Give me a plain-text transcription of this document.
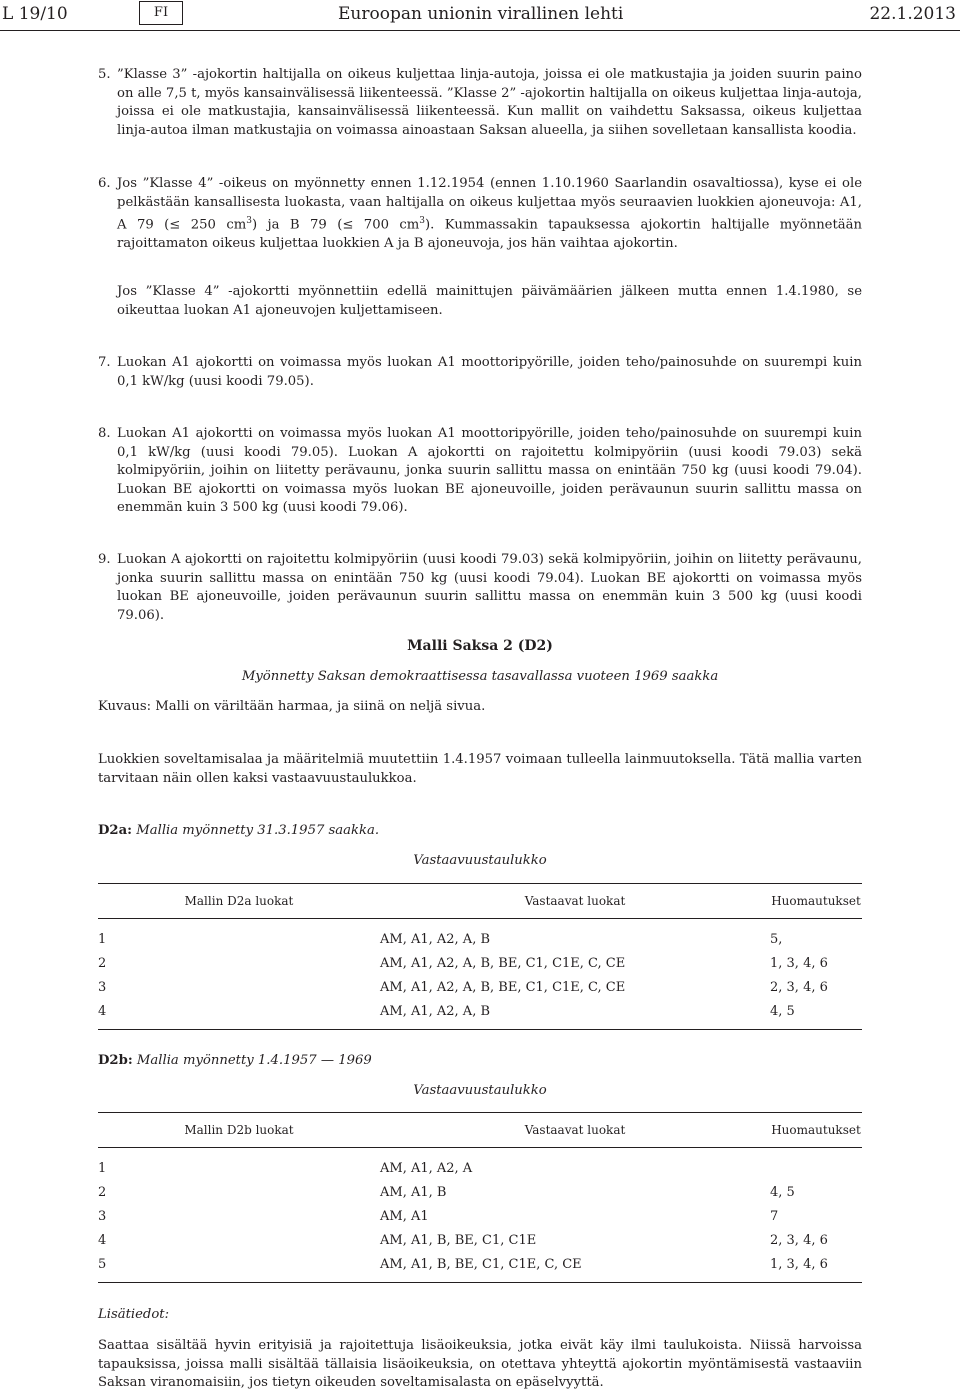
L 19/10	FI	Euroopan unionin virallinen lehti	22.1.2013
5. ”Klasse 3” -ajokortin haltijalla on oikeus kuljettaa linja-autoja, joissa ei ole matkustajia ja joiden suurin paino on alle 7,5 t, myös kansainvälisessä liikenteessä. ”Klasse 2” -ajokortin haltijalla on oikeus kuljettaa linja-autoja, joissa ei ole matkustajia, kansainvälisessä liikenteessä. Kun mallit on vaihdettu Saksassa, oikeus kuljettaa linja-autoa ilman matkustajia on voimassa ainoastaan Saksan alueella, ja siihen sovelletaan kansallista koodia.

6. Jos ”Klasse 4” -oikeus on myönnetty ennen 1.12.1954 (ennen 1.10.1960 Saarlandin osavaltiossa), kyse ei ole pelkästään kansallisesta luokasta, vaan haltijalla on oikeus kuljettaa myös seuraavien luokkien ajoneuvoja: A1, A 79 (≤ 250 $cm^3$) ja B 79 (≤ 700 $cm^3$). Kummassakin tapauksessa ajokortin haltijalle myönnetään rajoittamaton oikeus kuljettaa luokkien A ja B ajoneuvoja, jos hän vaihtaa ajokortin.

Jos ”Klasse 4” -ajokortti myönnettiin edellä mainittujen päivämäärien jälkeen mutta ennen 1.4.1980, se oikeuttaa luokan A1 ajoneuvojen kuljettamiseen.

7. Luokan A1 ajokortti on voimassa myös luokan A1 moottoripyörille, joiden teho/painosuhde on suurempi kuin 0,1 kW/kg (uusi koodi 79.05).

8. Luokan A1 ajokortti on voimassa myös luokan A1 moottoripyörille, joiden teho/painosuhde on suurempi kuin 0,1 kW/kg (uusi koodi 79.05). Luokan A ajokortti on rajoitettu kolmipyöriin (uusi koodi 79.03) sekä kolmipyöriin, joihin on liitetty perävaunu, jonka suurin sallittu massa on enintään 750 kg (uusi koodi 79.04). Luokan BE ajokortti on voimassa myös luokan BE ajoneuvoille, joiden perävaunun suurin sallittu massa on enemmän kuin 3 500 kg (uusi koodi 79.06).

9. Luokan A ajokortti on rajoitettu kolmipyöriin (uusi koodi 79.03) sekä kolmipyöriin, joihin on liitetty perävaunu, jonka suurin sallittu massa on enintään 750 kg (uusi koodi 79.04). Luokan BE ajokortti on voimassa myös luokan BE ajoneuvoille, joiden perävaunun suurin sallittu massa on enemmän kuin 3 500 kg (uusi koodi 79.06).

Malli Saksa 2 (D2)
Myönnetty Saksan demokraattisessa tasavallassa vuoteen 1969 saakka

Kuvaus: Malli on väriltään harmaa, ja siinä on neljä sivua.

Luokkien soveltamisalaa ja määritelmiä muutettiin 1.4.1957 voimaan tulleella lainmuutoksella. Tätä mallia varten tarvitaan näin ollen kaksi vastaavuustaulukkoa.

D2a: Mallia myönnetty 31.3.1957 saakka.

Vastaavuustaulukko
Mallin D2a luokat	Vastaavat luokat	Huomautukset
1	AM, A1, A2, A, B	5,
2	AM, A1, A2, A, B, BE, C1, C1E, C, CE	1, 3, 4, 6
3	AM, A1, A2, A, B, BE, C1, C1E, C, CE	2, 3, 4, 6
4	AM, A1, A2, A, B	4, 5

D2b: Mallia myönnetty 1.4.1957 — 1969

Vastaavuustaulukko
Mallin D2b luokat	Vastaavat luokat	Huomautukset
1	AM, A1, A2, A	
2	AM, A1, B	4, 5
3	AM, A1	7
4	AM, A1, B, BE, C1, C1E	2, 3, 4, 6
5	AM, A1, B, BE, C1, C1E, C, CE	1, 3, 4, 6

Lisätiedot:

Saattaa sisältää hyvin erityisiä ja rajoitettuja lisäoikeuksia, jotka eivät käy ilmi taulukoista. Niissä harvoissa tapauksissa, joissa malli sisältää tällaisia lisäoikeuksia, on otettava yhteyttä ajokortin myöntämisestä vastaaviin Saksan viranomaisiin, jos tietyn oikeuden soveltamisalasta on epäselvyyttä.
